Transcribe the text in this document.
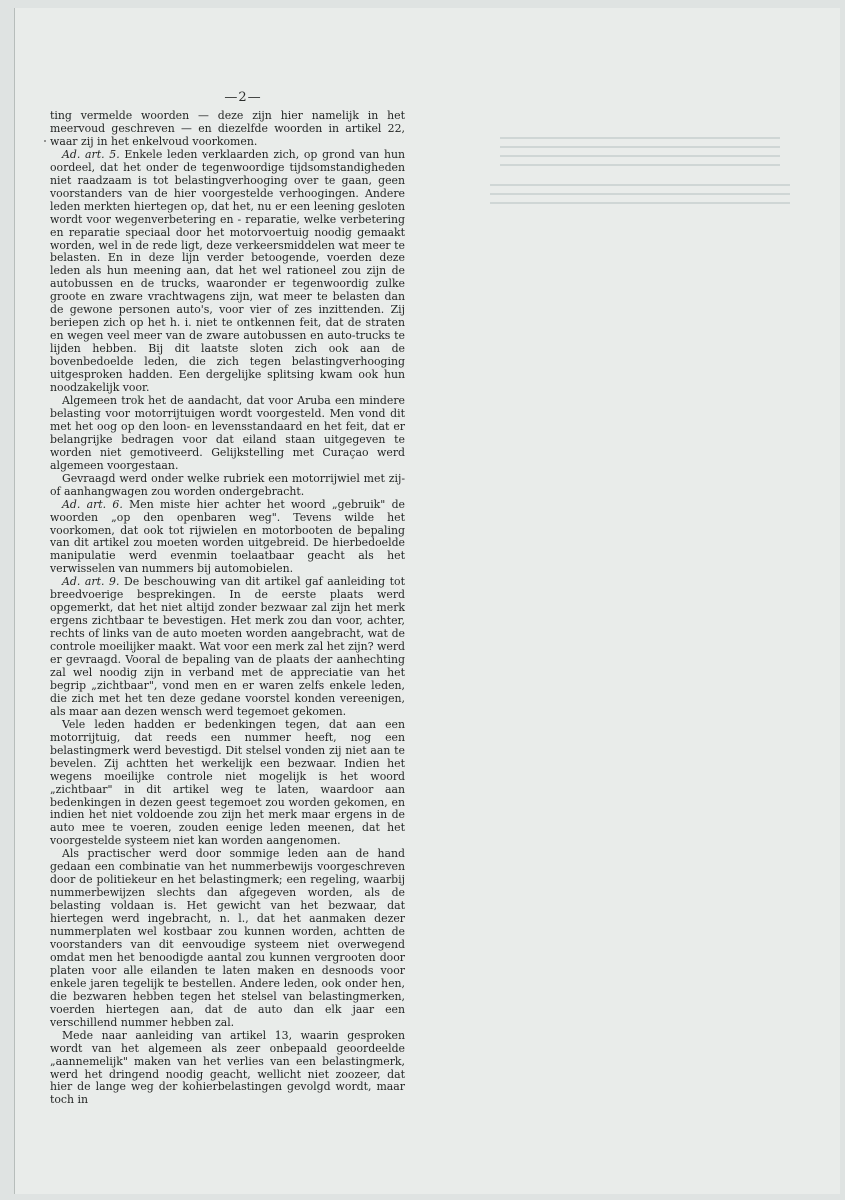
—2—

ting vermelde woorden — deze zijn hier namelijk in het meervoud geschreven — en diezelfde woorden in artikel 22, waar zij in het enkelvoud voorkomen.

Ad. art. 5. Enkele leden verklaarden zich, op grond van hun oordeel, dat het onder de tegenwoordige tijdsomstandigheden niet raadzaam is tot belastingverhooging over te gaan, geen voorstanders van de hier voorgestelde verhoogingen. Andere leden merkten hiertegen op, dat het, nu er een leening gesloten wordt voor wegenverbetering en - reparatie, welke verbetering en reparatie speciaal door het motorvoertuig noodig gemaakt worden, wel in de rede ligt, deze verkeersmiddelen wat meer te belasten. En in deze lijn verder betoogende, voerden deze leden als hun meening aan, dat het wel rationeel zou zijn de autobussen en de trucks, waaronder er tegenwoordig zulke groote en zware vrachtwagens zijn, wat meer te belasten dan de gewone personen auto's, voor vier of zes inzittenden. Zij beriepen zich op het h. i. niet te ontkennen feit, dat de straten en wegen veel meer van de zware autobussen en auto-trucks te lijden hebben. Bij dit laatste sloten zich ook aan de bovenbedoelde leden, die zich tegen belastingverhooging uitgesproken hadden. Een dergelijke splitsing kwam ook hun noodzakelijk voor.

Algemeen trok het de aandacht, dat voor Aruba een mindere belasting voor motorrijtuigen wordt voorgesteld. Men vond dit met het oog op den loon- en levensstandaard en het feit, dat er belangrijke bedragen voor dat eiland staan uitgegeven te worden niet gemotiveerd. Gelijkstelling met Curaçao werd algemeen voorgestaan.

Gevraagd werd onder welke rubriek een motorrijwiel met zij- of aanhangwagen zou worden ondergebracht.

Ad. art. 6. Men miste hier achter het woord „gebruik" de woorden „op den openbaren weg". Tevens wilde het voorkomen, dat ook tot rijwielen en motorbooten de bepaling van dit artikel zou moeten worden uitgebreid. De hierbedoelde manipulatie werd evenmin toelaatbaar geacht als het verwisselen van nummers bij automobielen.

Ad. art. 9. De beschouwing van dit artikel gaf aanleiding tot breedvoerige besprekingen. In de eerste plaats werd opgemerkt, dat het niet altijd zonder bezwaar zal zijn het merk ergens zichtbaar te bevestigen. Het merk zou dan voor, achter, rechts of links van de auto moeten worden aangebracht, wat de controle moeilijker maakt. Wat voor een merk zal het zijn? werd er gevraagd. Vooral de bepaling van de plaats der aanhechting zal wel noodig zijn in verband met de appreciatie van het begrip „zichtbaar", vond men en er waren zelfs enkele leden, die zich met het ten deze gedane voorstel konden vereenigen, als maar aan dezen wensch werd tegemoet gekomen.

Vele leden hadden er bedenkingen tegen, dat aan een motorrijtuig, dat reeds een nummer heeft, nog een belastingmerk werd bevestigd. Dit stelsel vonden zij niet aan te bevelen. Zij achtten het werkelijk een bezwaar. Indien het wegens moeilijke controle niet mogelijk is het woord „zichtbaar" in dit artikel weg te laten, waardoor aan bedenkingen in dezen geest tegemoet zou worden gekomen, en indien het niet voldoende zou zijn het merk maar ergens in de auto mee te voeren, zouden eenige leden meenen, dat het voorgestelde systeem niet kan worden aangenomen.

Als practischer werd door sommige leden aan de hand gedaan een combinatie van het nummerbewijs voorgeschreven door de politiekeur en het belastingmerk; een regeling, waarbij nummerbewijzen slechts dan afgegeven worden, als de belasting voldaan is. Het gewicht van het bezwaar, dat hiertegen werd ingebracht, n. l., dat het aanmaken dezer nummerplaten wel kostbaar zou kunnen worden, achtten de voorstanders van dit eenvoudige systeem niet overwegend omdat men het benoodigde aantal zou kunnen vergrooten door platen voor alle eilanden te laten maken en desnoods voor enkele jaren tegelijk te bestellen. Andere leden, ook onder hen, die bezwaren hebben tegen het stelsel van belastingmerken, voerden hiertegen aan, dat de auto dan elk jaar een verschillend nummer hebben zal.

Mede naar aanleiding van artikel 13, waarin gesproken wordt van het algemeen als zeer onbepaald geoordeelde „aannemelijk" maken van het verlies van een belastingmerk, werd het dringend noodig geacht, wellicht niet zoozeer, dat hier de lange weg der kohierbelastingen gevolgd wordt, maar toch in
